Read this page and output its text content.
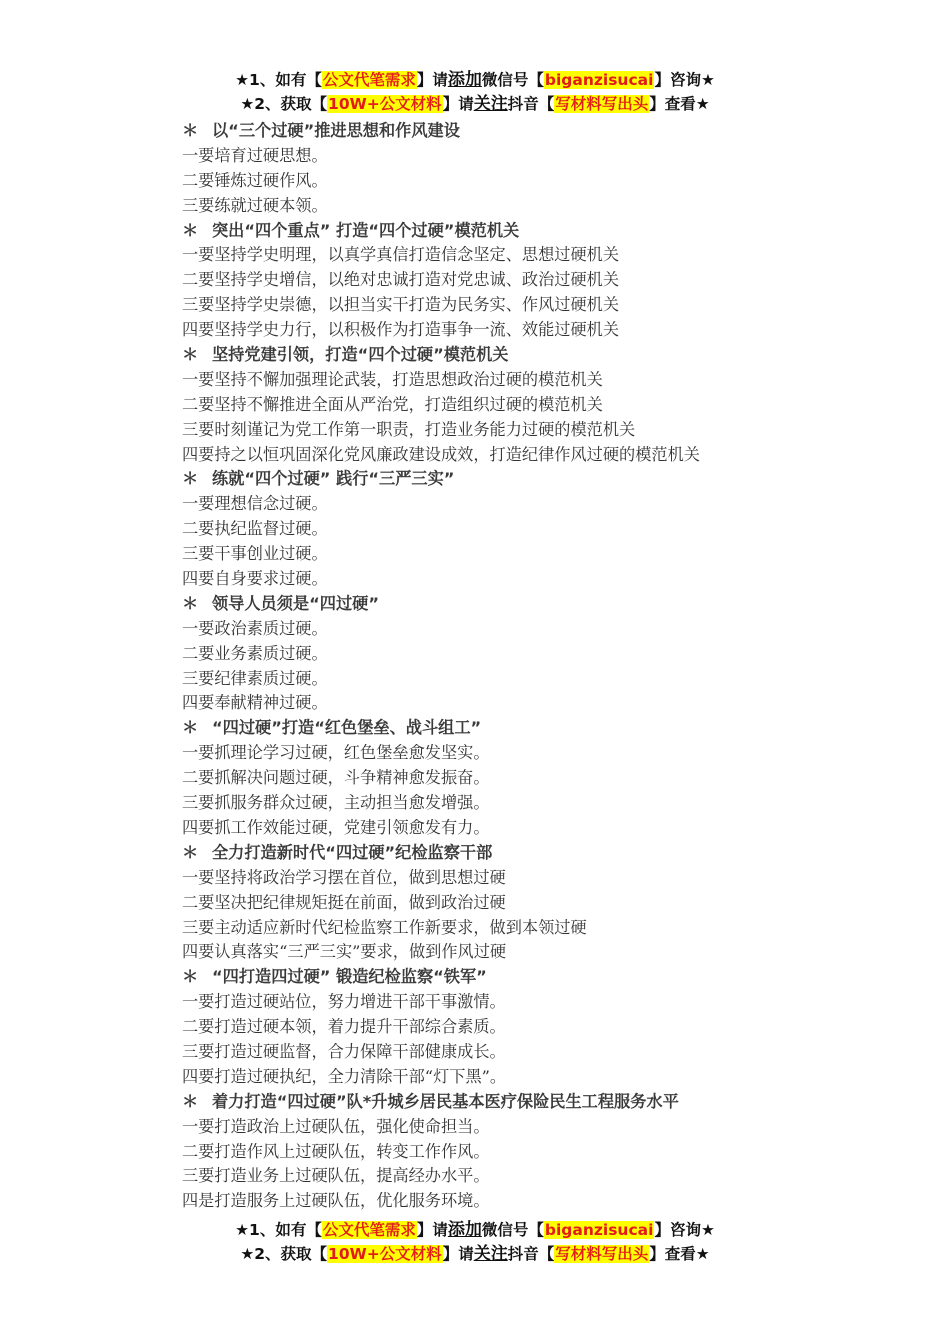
★1、如有【公文代笔需求】请添加微信号【biganzisucai】咨询★
★2、获取【10W+公文材料】请关注抖音【写材料写出头】查看★
＊ 以“三个过硬”推进思想和作风建设
一要培育过硬思想。
二要锤炼过硬作风。
三要练就过硬本领。
＊ 突出“四个重点” 打造“四个过硬”模范机关
一要坚持学史明理，以真学真信打造信念坚定、思想过硬机关
二要坚持学史增信，以绝对忠诚打造对党忠诚、政治过硬机关
三要坚持学史崇德，以担当实干打造为民务实、作风过硬机关
四要坚持学史力行，以积极作为打造事争一流、效能过硬机关
＊ 坚持党建引领，打造“四个过硬”模范机关
一要坚持不懈加强理论武装，打造思想政治过硬的模范机关
二要坚持不懈推进全面从严治党，打造组织过硬的模范机关
三要时刻谨记为党工作第一职责，打造业务能力过硬的模范机关
四要持之以恒巩固深化党风廉政建设成效，打造纪律作风过硬的模范机关
＊ 练就“四个过硬” 践行“三严三实”
一要理想信念过硬。
二要执纪监督过硬。
三要干事创业过硬。
四要自身要求过硬。
＊ 领导人员须是“四过硬”
一要政治素质过硬。
二要业务素质过硬。
三要纪律素质过硬。
四要奉献精神过硬。
＊ “四过硬”打造“红色堡垒、战斗组工”
一要抓理论学习过硬，红色堡垒愈发坚实。
二要抓解决问题过硬，斗争精神愈发振奋。
三要抓服务群众过硬，主动担当愈发增强。
四要抓工作效能过硬，党建引领愈发有力。
＊ 全力打造新时代“四过硬”纪检监察干部
一要坚持将政治学习摆在首位，做到思想过硬
二要坚决把纪律规矩挺在前面，做到政治过硬
三要主动适应新时代纪检监察工作新要求，做到本领过硬
四要认真落实“三严三实”要求，做到作风过硬
＊ “四打造四过硬” 锻造纪检监察“铁军”
一要打造过硬站位，努力增进干部干事激情。
二要打造过硬本领，着力提升干部综合素质。
三要打造过硬监督，合力保障干部健康成长。
四要打造过硬执纪，全力清除干部“灯下黑”。
＊ 着力打造“四过硬”队*升城乡居民基本医疗保险民生工程服务水平
一要打造政治上过硬队伍，强化使命担当。
二要打造作风上过硬队伍，转变工作作风。
三要打造业务上过硬队伍，提高经办水平。
四是打造服务上过硬队伍，优化服务环境。
★1、如有【公文代笔需求】请添加微信号【biganzisucai】咨询★
★2、获取【10W+公文材料】请关注抖音【写材料写出头】查看★
